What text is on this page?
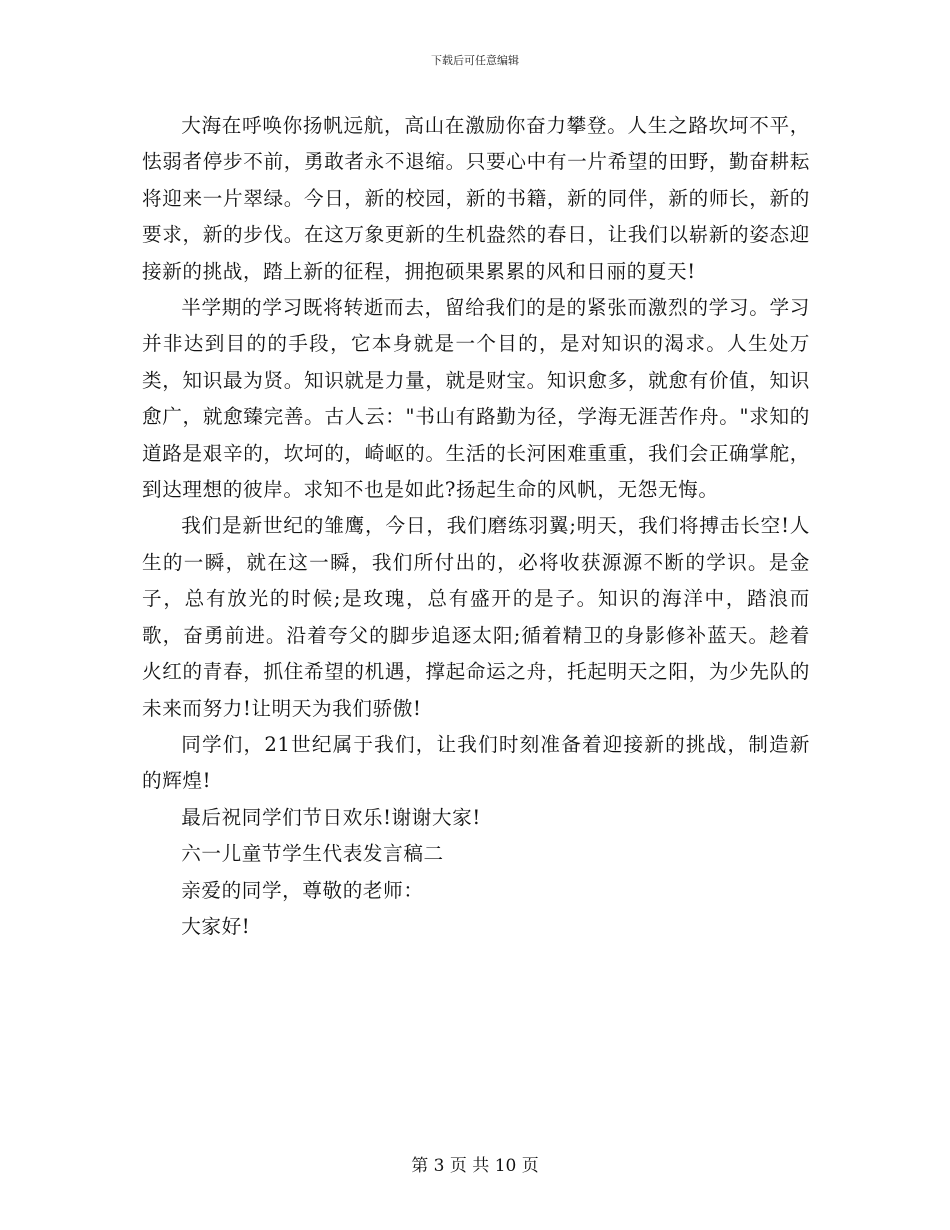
下载后可任意编辑

大海在呼唤你扬帆远航，高山在激励你奋力攀登。人生之路坎坷不平，怯弱者停步不前，勇敢者永不退缩。只要心中有一片希望的田野，勤奋耕耘将迎来一片翠绿。今日，新的校园，新的书籍，新的同伴，新的师长，新的要求，新的步伐。在这万象更新的生机盎然的春日，让我们以崭新的姿态迎接新的挑战，踏上新的征程，拥抱硕果累累的风和日丽的夏天!

半学期的学习既将转逝而去，留给我们的是的紧张而激烈的学习。学习并非达到目的的手段，它本身就是一个目的，是对知识的渴求。人生处万类，知识最为贤。知识就是力量，就是财宝。知识愈多，就愈有价值，知识愈广，就愈臻完善。古人云："书山有路勤为径，学海无涯苦作舟。"求知的道路是艰辛的，坎坷的，崎岖的。生活的长河困难重重，我们会正确掌舵，到达理想的彼岸。求知不也是如此?扬起生命的风帆，无怨无悔。

我们是新世纪的雏鹰，今日，我们磨练羽翼;明天，我们将搏击长空!人生的一瞬，就在这一瞬，我们所付出的，必将收获源源不断的学识。是金子，总有放光的时候;是玫瑰，总有盛开的是子。知识的海洋中，踏浪而歌，奋勇前进。沿着夸父的脚步追逐太阳;循着精卫的身影修补蓝天。趁着火红的青春，抓住希望的机遇，撑起命运之舟，托起明天之阳，为少先队的未来而努力!让明天为我们骄傲!

同学们，21世纪属于我们，让我们时刻准备着迎接新的挑战，制造新的辉煌!

最后祝同学们节日欢乐!谢谢大家!

六一儿童节学生代表发言稿二

亲爱的同学，尊敬的老师：

大家好!

第 3 页 共 10 页
